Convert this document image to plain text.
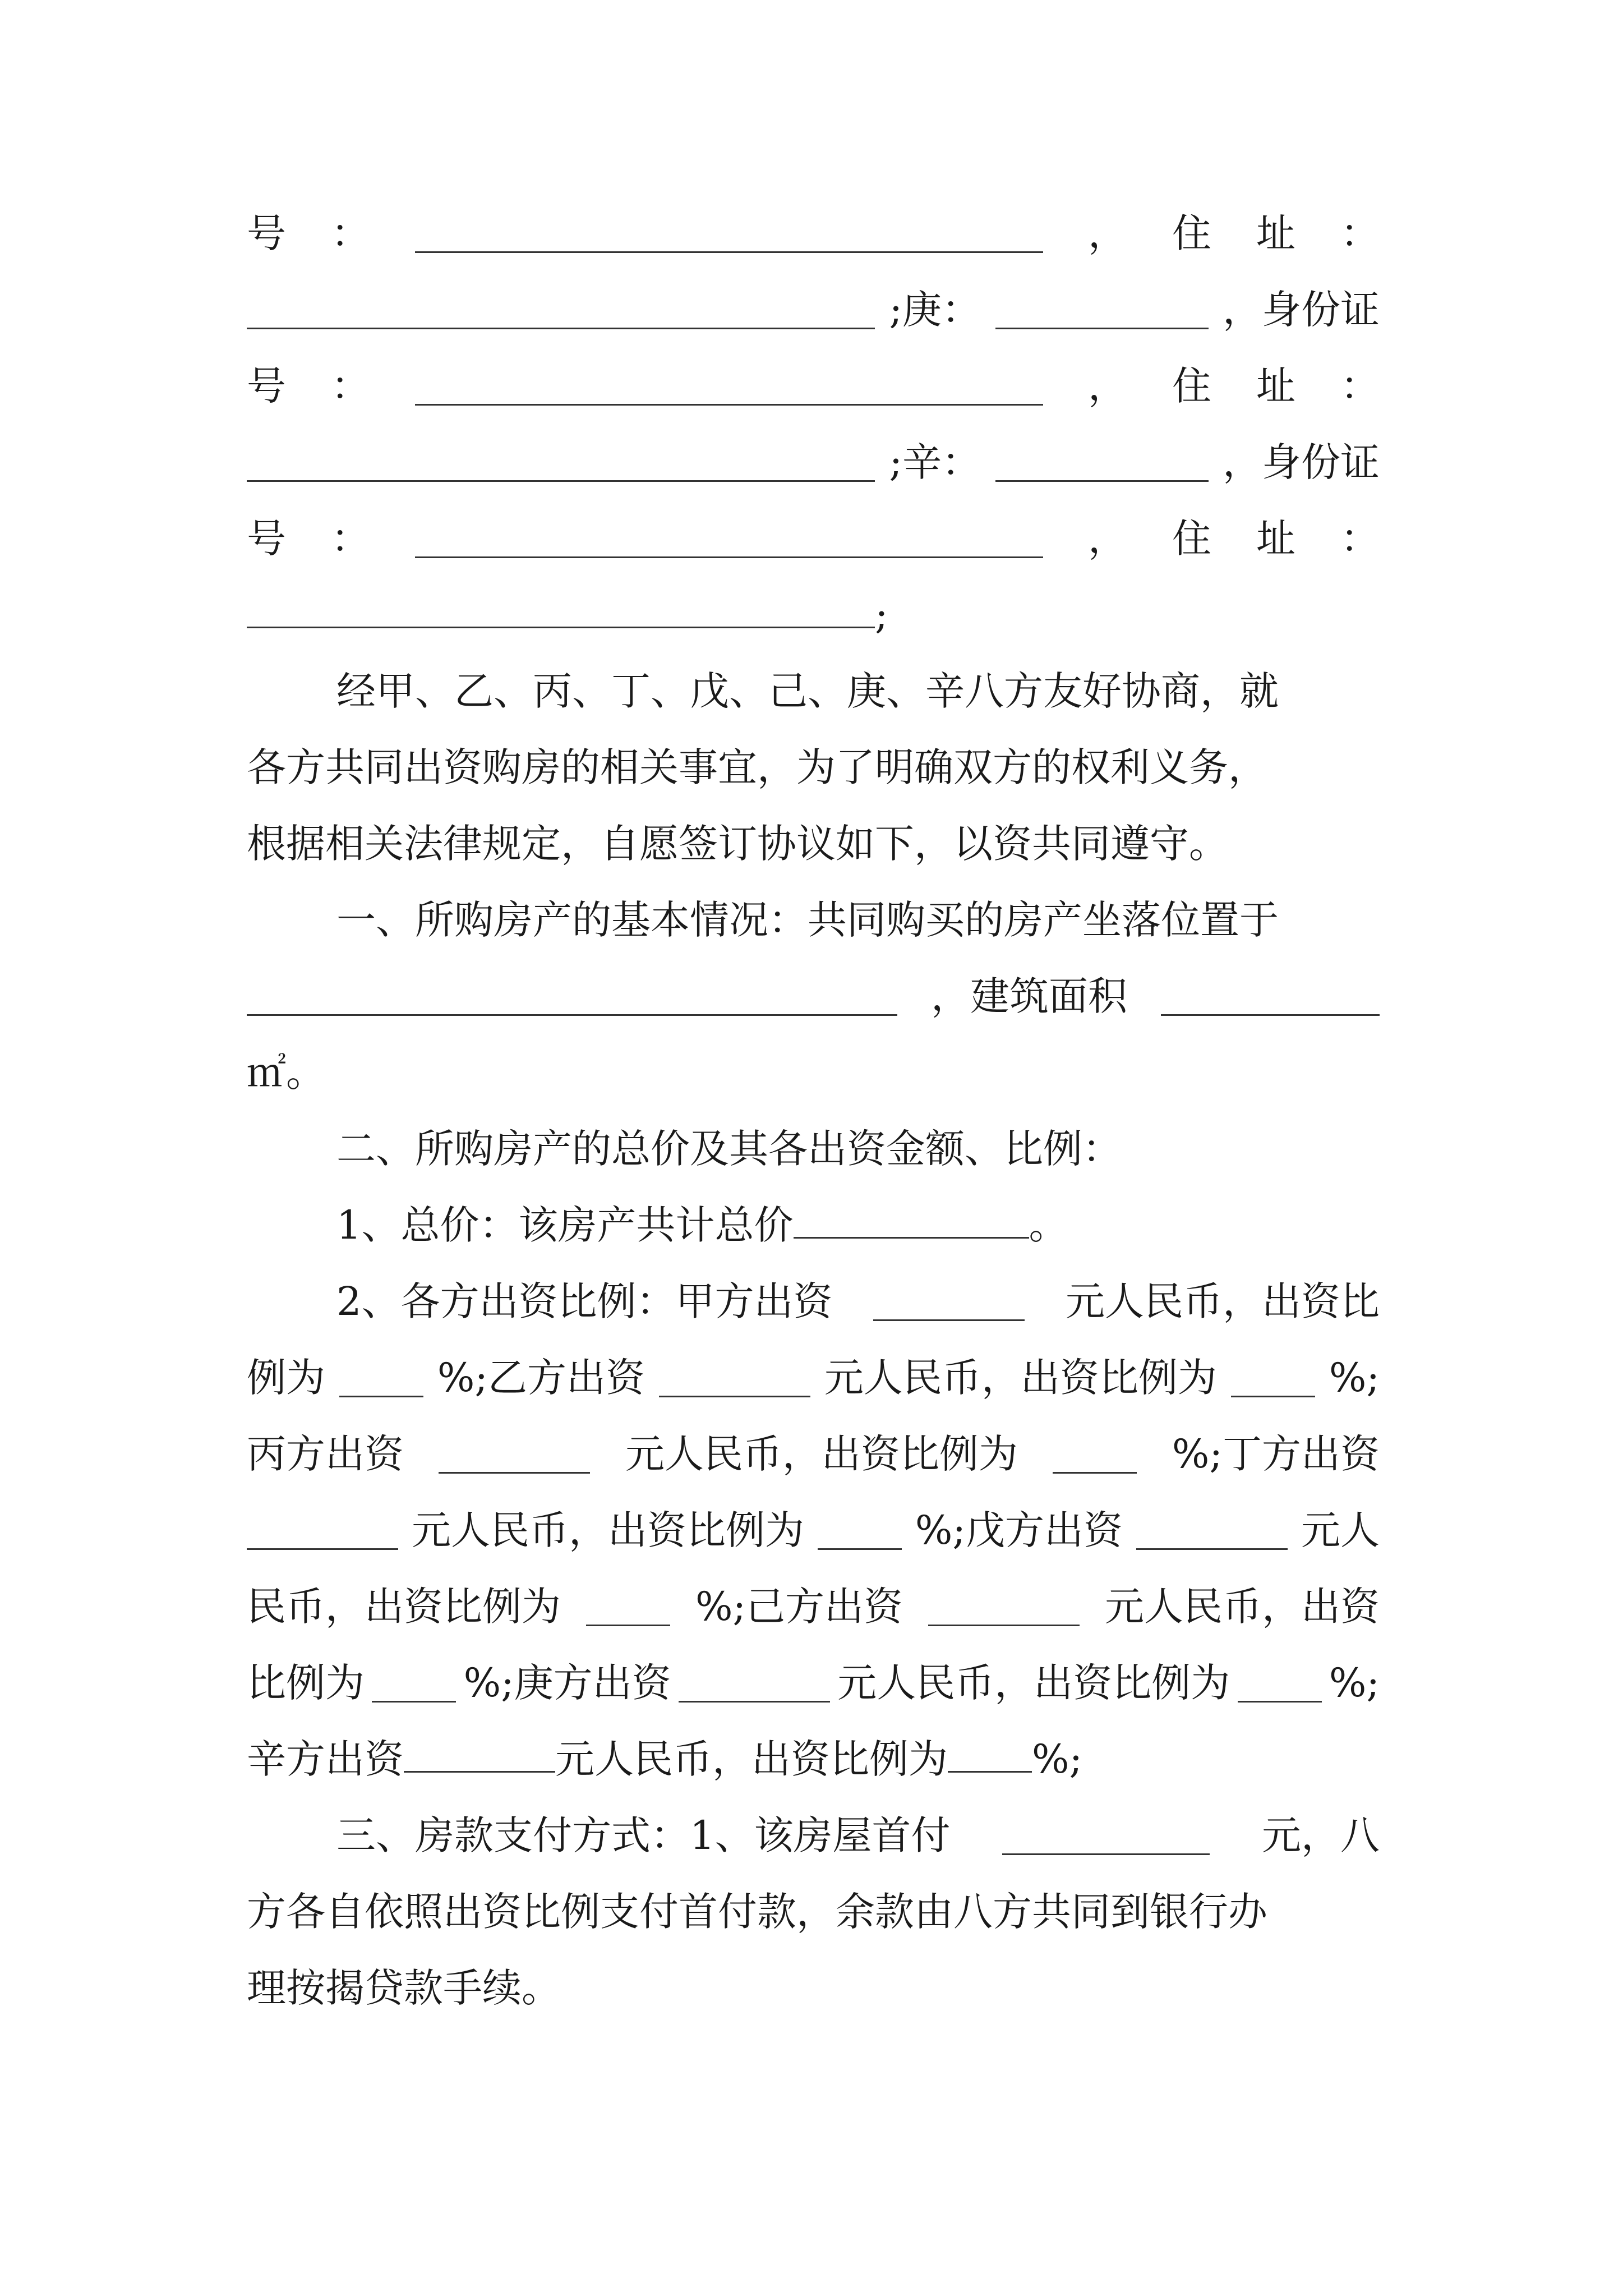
号 ：	， 住 址 ：
;庚：	，身份证
号 ：	， 住 址 ：
;辛：	，身份证
号 ：	， 住 址 ：
;
经甲、乙、丙、丁、戊、己、庚、辛八方友好协商，就
各方共同出资购房的相关事宜，为了明确双方的权利义务，
根据相关法律规定，自愿签订协议如下，以资共同遵守。
一、所购房产的基本情况：共同购买的房产坐落位置于
，建筑面积
㎡。
二、所购房产的总价及其各出资金额、比例：
1、总价：该房产共计总价	。
2、各方出资比例：甲方出资	元人民币，出资比
例为	%;乙方出资	元人民币，出资比例为	%;
丙方出资	元人民币，出资比例为	%;丁方出资
元人民币，出资比例为	%;戊方出资	元人
民币，出资比例为	%;己方出资	元人民币，出资
比例为	%;庚方出资	元人民币，出资比例为	%;
辛方出资	元人民币，出资比例为 %;
三、房款支付方式：1、该房屋首付	元，八
方各自依照出资比例支付首付款，余款由八方共同到银行办
理按揭贷款手续。
